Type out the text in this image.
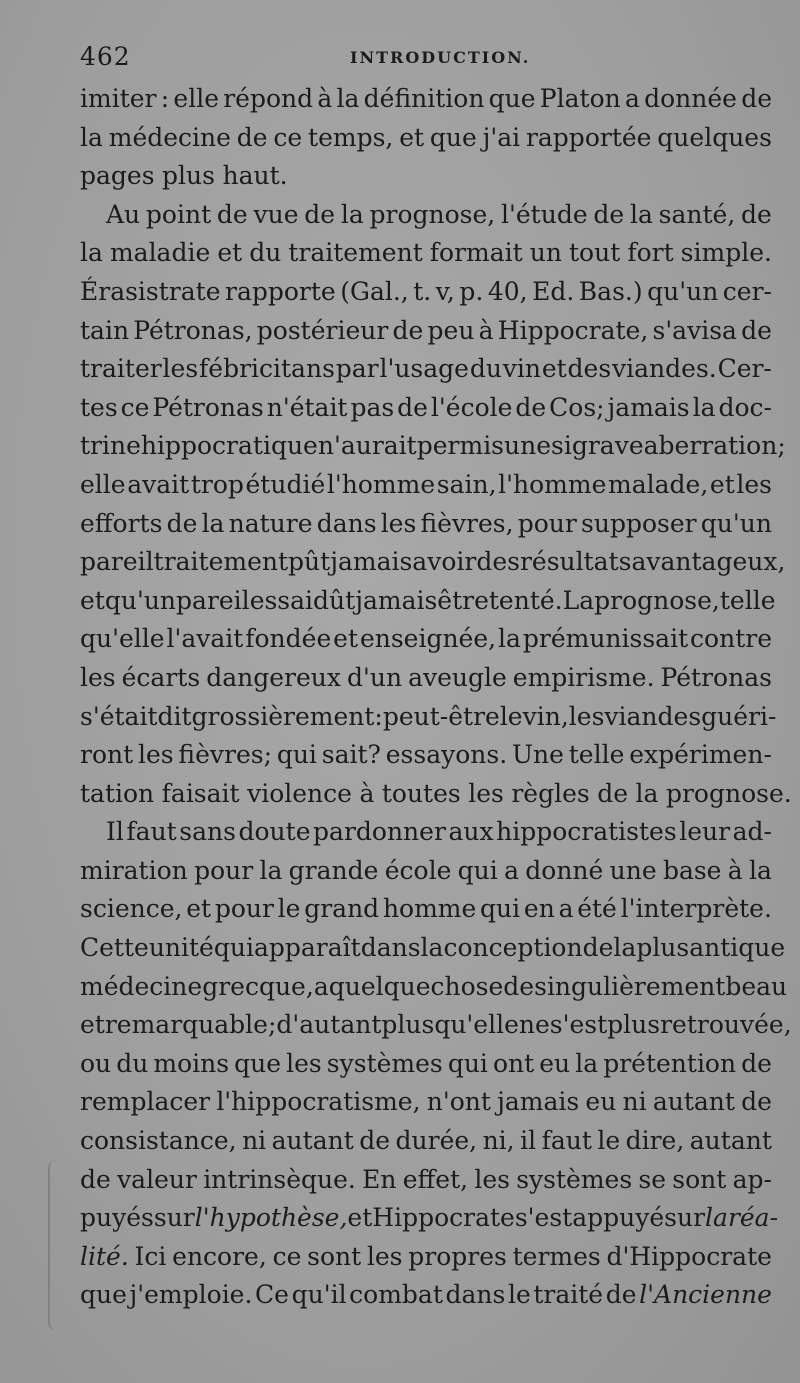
462	INTRODUCTION.
imiter : elle répond à la définition que Platon a donnée de
la médecine de ce temps, et que j'ai rapportée quelques
pages plus haut.
Au point de vue de la prognose, l'étude de la santé, de
la maladie et du traitement formait un tout fort simple.
Érasistrate rapporte (Gal., t. v, p. 40, Ed. Bas.) qu'un cer-
tain Pétronas, postérieur de peu à Hippocrate, s'avisa de
traiter les fébricitans par l'usage du vin et des viandes. Cer-
tes ce Pétronas n'était pas de l'école de Cos; jamais la doc-
trine hippocratique n'aurait permis une si grave aberration;
elle avait trop étudié l'homme sain, l'homme malade, et les
efforts de la nature dans les fièvres, pour supposer qu'un
pareil traitement pût jamais avoir des résultats avantageux,
et qu'un pareil essai dût jamais être tenté. La prognose, telle
qu'elle l'avait fondée et enseignée, la prémunissait contre
les écarts dangereux d'un aveugle empirisme. Pétronas
s'était dit grossièrement: peut-être le vin, les viandes guéri-
ront les fièvres; qui sait? essayons. Une telle expérimen-
tation faisait violence à toutes les règles de la prognose.
Il faut sans doute pardonner aux hippocratistes leur ad-
miration pour la grande école qui a donné une base à la
science, et pour le grand homme qui en a été l'interprète.
Cette unité qui apparaît dans la conception de la plus antique
médecine grecque, a quelque chose de singulièrement beau
et remarquable; d'autant plus qu'elle ne s'est plus retrouvée,
ou du moins que les systèmes qui ont eu la prétention de
remplacer l'hippocratisme, n'ont jamais eu ni autant de
consistance, ni autant de durée, ni, il faut le dire, autant
de valeur intrinsèque. En effet, les systèmes se sont ap-
puyés sur l'hypothèse, et Hippocrate s'est appuyé sur la réa-
lité. Ici encore, ce sont les propres termes d'Hippocrate
que j'emploie. Ce qu'il combat dans le traité de l'Ancienne
